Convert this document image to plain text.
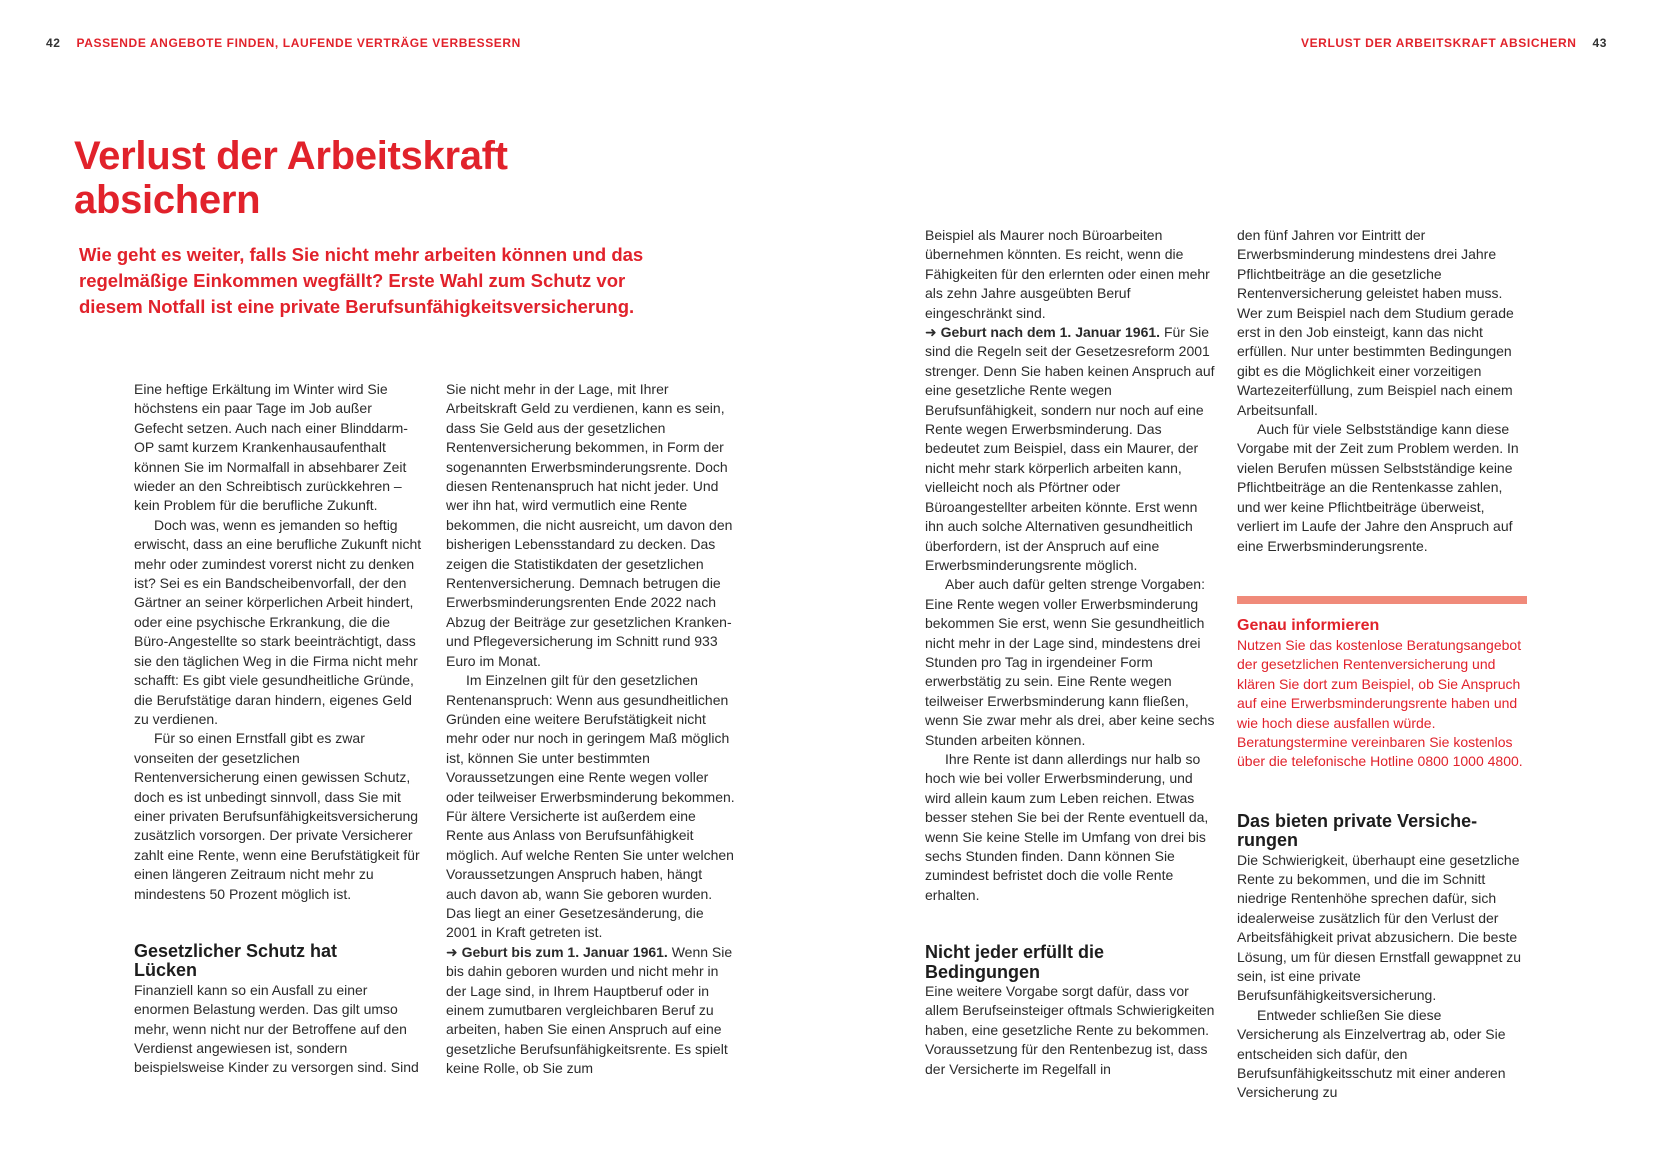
42 PASSENDE ANGEBOTE FINDEN, LAUFENDE VERTRÄGE VERBESSERN	VERLUST DER ARBEITSKRAFT ABSICHERN 43
Verlust der Arbeitskraft
absichern

Wie geht es weiter, falls Sie nicht mehr arbeiten können und das
regelmäßige Einkommen wegfällt? Erste Wahl zum Schutz vor
diesem Notfall ist eine private Berufsunfähigkeitsversicherung.

Eine heftige Erkältung im Winter wird Sie höchstens ein paar Tage im Job außer Gefecht setzen. Auch nach einer Blinddarm-OP samt kurzem Krankenhausaufenthalt können Sie im Normalfall in absehbarer Zeit wieder an den Schreibtisch zurückkehren – kein Problem für die berufliche Zukunft.

Doch was, wenn es jemanden so heftig erwischt, dass an eine berufliche Zukunft nicht mehr oder zumindest vorerst nicht zu denken ist? Sei es ein Bandscheibenvorfall, der den Gärtner an seiner körperlichen Arbeit hindert, oder eine psychische Erkrankung, die die Büro-Angestellte so stark beeinträchtigt, dass sie den täglichen Weg in die Firma nicht mehr schafft: Es gibt viele gesundheitliche Gründe, die Berufstätige daran hindern, eigenes Geld zu verdienen.

Für so einen Ernstfall gibt es zwar vonseiten der gesetzlichen Rentenversicherung einen gewissen Schutz, doch es ist unbedingt sinnvoll, dass Sie mit einer privaten Berufsunfähigkeitsversicherung zusätzlich vorsorgen. Der private Versicherer zahlt eine Rente, wenn eine Berufstätigkeit für einen längeren Zeitraum nicht mehr zu mindestens 50 Prozent möglich ist.

Gesetzlicher Schutz hat
Lücken

Finanziell kann so ein Ausfall zu einer enormen Belastung werden. Das gilt umso mehr, wenn nicht nur der Betroffene auf den Verdienst angewiesen ist, sondern beispielsweise Kinder zu versorgen sind. Sind

Sie nicht mehr in der Lage, mit Ihrer Arbeitskraft Geld zu verdienen, kann es sein, dass Sie Geld aus der gesetzlichen Rentenversicherung bekommen, in Form der sogenannten Erwerbsminderungsrente. Doch diesen Rentenanspruch hat nicht jeder. Und wer ihn hat, wird vermutlich eine Rente bekommen, die nicht ausreicht, um davon den bisherigen Lebensstandard zu decken. Das zeigen die Statistikdaten der gesetzlichen Rentenversicherung. Demnach betrugen die Erwerbsminderungsrenten Ende 2022 nach Abzug der Beiträge zur gesetzlichen Kranken- und Pflegeversicherung im Schnitt rund 933 Euro im Monat.

Im Einzelnen gilt für den gesetzlichen Rentenanspruch: Wenn aus gesundheitlichen Gründen eine weitere Berufstätigkeit nicht mehr oder nur noch in geringem Maß möglich ist, können Sie unter bestimmten Voraussetzungen eine Rente wegen voller oder teilweiser Erwerbsminderung bekommen. Für ältere Versicherte ist außerdem eine Rente aus Anlass von Berufsunfähigkeit möglich. Auf welche Renten Sie unter welchen Voraussetzungen Anspruch haben, hängt auch davon ab, wann Sie geboren wurden. Das liegt an einer Gesetzesänderung, die 2001 in Kraft getreten ist.

➜ Geburt bis zum 1. Januar 1961. Wenn Sie bis dahin geboren wurden und nicht mehr in der Lage sind, in Ihrem Hauptberuf oder in einem zumutbaren vergleichbaren Beruf zu arbeiten, haben Sie einen Anspruch auf eine gesetzliche Berufsunfähigkeitsrente. Es spielt keine Rolle, ob Sie zum

Beispiel als Maurer noch Büroarbeiten übernehmen könnten. Es reicht, wenn die Fähigkeiten für den erlernten oder einen mehr als zehn Jahre ausgeübten Beruf eingeschränkt sind.

➜ Geburt nach dem 1. Januar 1961. Für Sie sind die Regeln seit der Gesetzesreform 2001 strenger. Denn Sie haben keinen Anspruch auf eine gesetzliche Rente wegen Berufsunfähigkeit, sondern nur noch auf eine Rente wegen Erwerbsminderung. Das bedeutet zum Beispiel, dass ein Maurer, der nicht mehr stark körperlich arbeiten kann, vielleicht noch als Pförtner oder Büroangestellter arbeiten könnte. Erst wenn ihn auch solche Alternativen gesundheitlich überfordern, ist der Anspruch auf eine Erwerbsminderungsrente möglich.

Aber auch dafür gelten strenge Vorgaben: Eine Rente wegen voller Erwerbsminderung bekommen Sie erst, wenn Sie gesundheitlich nicht mehr in der Lage sind, mindestens drei Stunden pro Tag in irgendeiner Form erwerbstätig zu sein. Eine Rente wegen teilweiser Erwerbsminderung kann fließen, wenn Sie zwar mehr als drei, aber keine sechs Stunden arbeiten können.

Ihre Rente ist dann allerdings nur halb so hoch wie bei voller Erwerbsminderung, und wird allein kaum zum Leben reichen. Etwas besser stehen Sie bei der Rente eventuell da, wenn Sie keine Stelle im Umfang von drei bis sechs Stunden finden. Dann können Sie zumindest befristet doch die volle Rente erhalten.

Nicht jeder erfüllt die
Bedingungen

Eine weitere Vorgabe sorgt dafür, dass vor allem Berufseinsteiger oftmals Schwierigkeiten haben, eine gesetzliche Rente zu bekommen. Voraussetzung für den Rentenbezug ist, dass der Versicherte im Regelfall in

den fünf Jahren vor Eintritt der Erwerbsminderung mindestens drei Jahre Pflichtbeiträge an die gesetzliche Rentenversicherung geleistet haben muss. Wer zum Beispiel nach dem Studium gerade erst in den Job einsteigt, kann das nicht erfüllen. Nur unter bestimmten Bedingungen gibt es die Möglichkeit einer vorzeitigen Wartezeiterfüllung, zum Beispiel nach einem Arbeitsunfall.

Auch für viele Selbstständige kann diese Vorgabe mit der Zeit zum Problem werden. In vielen Berufen müssen Selbstständige keine Pflichtbeiträge an die Rentenkasse zahlen, und wer keine Pflichtbeiträge überweist, verliert im Laufe der Jahre den Anspruch auf eine Erwerbsminderungsrente.

Genau informieren

Nutzen Sie das kostenlose Beratungsangebot der gesetzlichen Rentenversicherung und klären Sie dort zum Beispiel, ob Sie Anspruch auf eine Erwerbsminderungsrente haben und wie hoch diese ausfallen würde. Beratungstermine vereinbaren Sie kostenlos über die telefonische Hotline 0800 1000 4800.

Das bieten private Versiche-
rungen

Die Schwierigkeit, überhaupt eine gesetzliche Rente zu bekommen, und die im Schnitt niedrige Rentenhöhe sprechen dafür, sich idealerweise zusätzlich für den Verlust der Arbeitsfähigkeit privat abzusichern. Die beste Lösung, um für diesen Ernstfall gewappnet zu sein, ist eine private Berufsunfähigkeitsversicherung.

Entweder schließen Sie diese Versicherung als Einzelvertrag ab, oder Sie entscheiden sich dafür, den Berufsunfähigkeitsschutz mit einer anderen Versicherung zu
